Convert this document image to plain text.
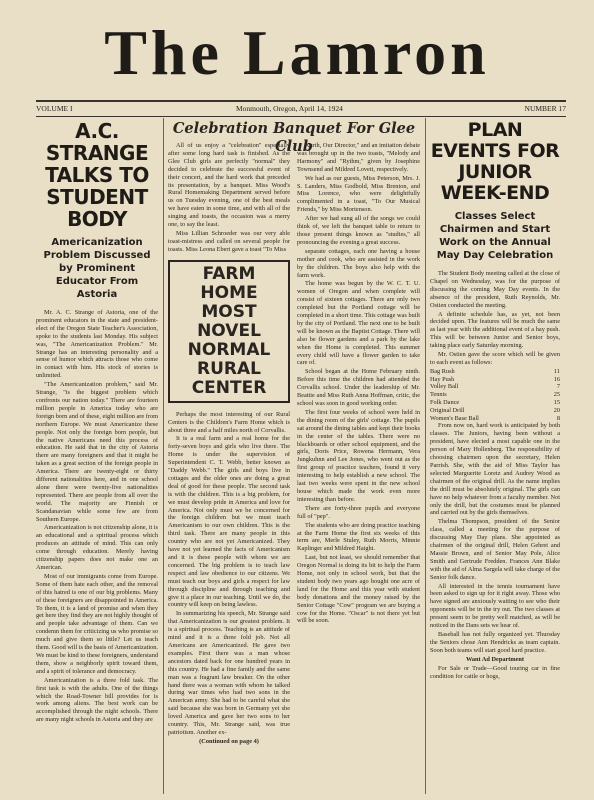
The Lamron
VOLUME I	Monmouth, Oregon, April 14, 1924	NUMBER 17
A.C. STRANGE TALKS TO STUDENT BODY
Americanization Problem Discussed by Prominent Educator From Astoria

Mr. A. C. Strange of Astoria, one of the prominent educators in the state and president-elect of the Oregon State Teacher's Association, spoke to the students last Monday. His subject was, "The Americanization Problem." Mr. Strange has an interesting personality and a sense of humor which attracts those who come in contact with him. His stock of stories is unlimited.

"The Americanization problem," said Mr. Strange, "is the biggest problem which confronts our nation today." There are fourteen million people in America today who are foreign born and of these, eight million are from northern Europe. We must Americanize these people. Not only the foreign born people, but the native Americans need this process of education. He said that in the city of Astoria there are many foreigners and that it might be taken as a great section of the foreign people in America. There are twenty-eight or thirty different nationalities here, and in one school alone there were twenty-five nationalities represented. There are people from all over the world. The majority are Finnish or Scandanavian while some few are from Southern Europe.

Americanization is not citizenship alone, it is an educational and a spiritual process which produces an attitude of mind. This can only come through education. Merely having citizenship papers does not make one an American.

Most of our immigrants come from Europe. Some of them hate each other, and the removal of this hatred is one of our big problems. Many of these foreigners are disappointed in America. To them, it is a land of promise and when they get here they find they are not highly thought of and people take advantage of them. Can we condemn them for criticizing us who promise so much and give them so little? Let us teach them. Good will is the basis of Americanization. We must be kind to these foreigners, understand them, show a neighborly spirit toward them, and a spirit of tolerance and democracy.

Americanization is a three fold task. The first task is with the adults. One of the things which the Road-Towner bill provides for is work among aliens. The best work can be accomplished through the night schools. There are many night schools in Astoria and they are

Celebration Banquet For Glee Club

All of us enjoy a "celebration" especially after some long hard task is finished. As the Glee Club girls are perfectly "normal" they decided to celebrate the successful event of their concert, and the hard work that preceded its presentation, by a banquet. Miss Wood's Rural Homemaking Department served before us on Tuesday evening, one of the best meals we have eaten in some time, and with all of the singing and toasts, the occasion was a merry one, to say the least.

Miss Lillian Schroeder was our very able toast-mistress and called on several people for toasts. Miss Leona Ebert gave a toast "To Miss

FARM HOME MOST NOVEL NORMAL RURAL CENTER

Perhaps the most interesting of our Rural Centers is the Children's Farm Home which is about three and a half miles north of Corvallis.

It is a real farm and a real home for the forty-seven boys and girls who live there. The Home is under the supervision of Superintendent C. T. Webb, better known as "Daddy Webb." The girls and boys live in cottages and the older ones are doing a great deal of good for these people. The second task is with the children. This is a big problem, for we must develop pride in America and love for America. Not only must we be concerned for the foreign children but we must teach Americanism to our own children. This is the third task. There are many people in this country who are not yet Americanized. They have not yet learned the facts of Americanism and it is these people with whom we are concerned. The big problem is to teach law respect and law obedience to our citizens. We must teach our boys and girls a respect for law through discipline and through teaching and give it a place in our teaching. Until we do, the country will keep on being lawless.

In summarizing his speech, Mr. Strange said that Americanization is our greatest problem. It is a spiritual process. Teaching is an attitude of mind and it is a three fold job. Not all Americans are Americanized. He gave two examples. First there was a man whose ancestors dated back for one hundred years in this country. He had a fine family and the same man was a fragrant law breaker. On the other hand there was a woman with whom he talked during war times who had two sons in the American army. She had to be careful what she said because she was born in Germany yet she loved America and gave her two sons to her country. This, Mr. Strange said, was true patriotism. Another ex-

(Continued on page 4)

Kurth, Our Director," and an imitation debate was brought up in the two toasts, "Melody and Harmony" and "Rythm," given by Josephine Townsend and Mildred Lovett, respectively.

We had as our guests, Miss Peterson, Mrs. J. S. Landers, Miss Godbold, Miss Brenton, and Miss Lorence, who were delightfully complimented in a toast, "To Our Musical Friends," by Miss Mortenson.

After we had sung all of the songs we could think of, we left the banquet table to return to those present things known as "studies," all pronouncing the evening a great success.

separate cottages, each one having a house mother and cook, who are assisted in the work by the children. The boys also help with the farm work.

The home was begun by the W. C. T. U. women of Oregon and when complete will consist of sixteen cottages. There are only two completed but the Portland cottage will be completed in a short time. This cottage was built by the city of Portland. The next one to be built will be known as the Baptist Cottage. There will also be flower gardens and a park by the lake when the Home is completed. This summer every child will have a flower garden to take care of.

School began at the Home February ninth. Before this time the children had attended the Corvallis school. Under the leadership of Mr. Beattie and Miss Ruth Anna Hoffman, critic, the school was soon in good working order.

The first four weeks of school were held in the dining room of the girls' cottage. The pupils sat around the dining tables and kept their books in the center of the tables. There were no blackboards or other school equipment, and the girls, Doris Price, Rowena Hermann, Vera Jungkuhnn and Lee Jones, who went out as the first group of practice teachers, found it very interesting to help establish a new school. The last two weeks were spent in the new school house which made the work even more interesting than before.

There are forty-three pupils and everyone full of "pep".

The students who are doing practice teaching at the Farm Home the first six weeks of this term are, Merle Stuley, Ruth Morris, Minnie Kaplinger and Mildred Haight.

Last, but not least, we should remember that Oregon Normal is doing its bit to help the Farm Home, not only in school work, but that the student body two years ago bought one acre of land for the Home and this year with student body donations and the money raised by the Senior Cottage "Cow" program we are buying a cow for the Home. "Oscar" is not there yet but will be soon.

PLAN EVENTS FOR JUNIOR WEEK-END
Classes Select Chairmen and Start Work on the Annual May Day Celebration

The Student Body meeting called at the close of Chapel on Wednesday, was for the purpose of discussing the coming May Day events. In the absence of the president, Ruth Reynolds, Mr. Ostien conducted the meeting.

A definite schedule has, as yet, not been decided upon. The features will be much the same as last year with the additional event of a hay push. This will be between Junior and Senior boys, taking place early Saturday morning.

Mr. Ostien gave the score which will be given to each event as follows:

Bag Rush	11
Hay Push	16
Volley Ball	7
Tennis	25
Folk Dance	15
Original Drill	20
Women's Base Ball	8

From now on, hard work is anticipated by both classes. The Juniors, having been without a president, have elected a most capable one in the person of Mary Hollenberg. The responsibility of choosing chairmen upon the secretary, Helen Parrish. She, with the aid of Miss Taylor has selected Marguerite Loretz and Audrey Wood as chairmen of the original drill. As the name implies the drill must be absolutely original. The girls can have no help whatever from a faculty member. Not only the drill, but the costumes must be planned and carried out by the girls themselves.

Thelma Thompson, president of the Senior class, called a meeting for the purpose of discussing May Day plans. She appointed as chairmen of the original drill, Helen Gehret and Massie Brown, and of Senior May Pole, Alice Smith and Gertrude Fredden. Frances Ann Blake with the aid of Alma Sargela will take charge of the Senior folk dance.

All interested in the tennis tournament have been asked to sign up for it right away. Those who have signed are anxiously waiting to see who their opponents will be in the try out. The two classes at present seem to be pretty well matched, as will be noticed in the Dans sets we hear of.

Baseball has not fully organized yet. Thursday the Seniors chose Ann Hendricks as team captain. Soon both teams will start good hard practice.

Want Ad Department

For Sale or Trade—Good touring car in fine condition for cattle or hogs,
